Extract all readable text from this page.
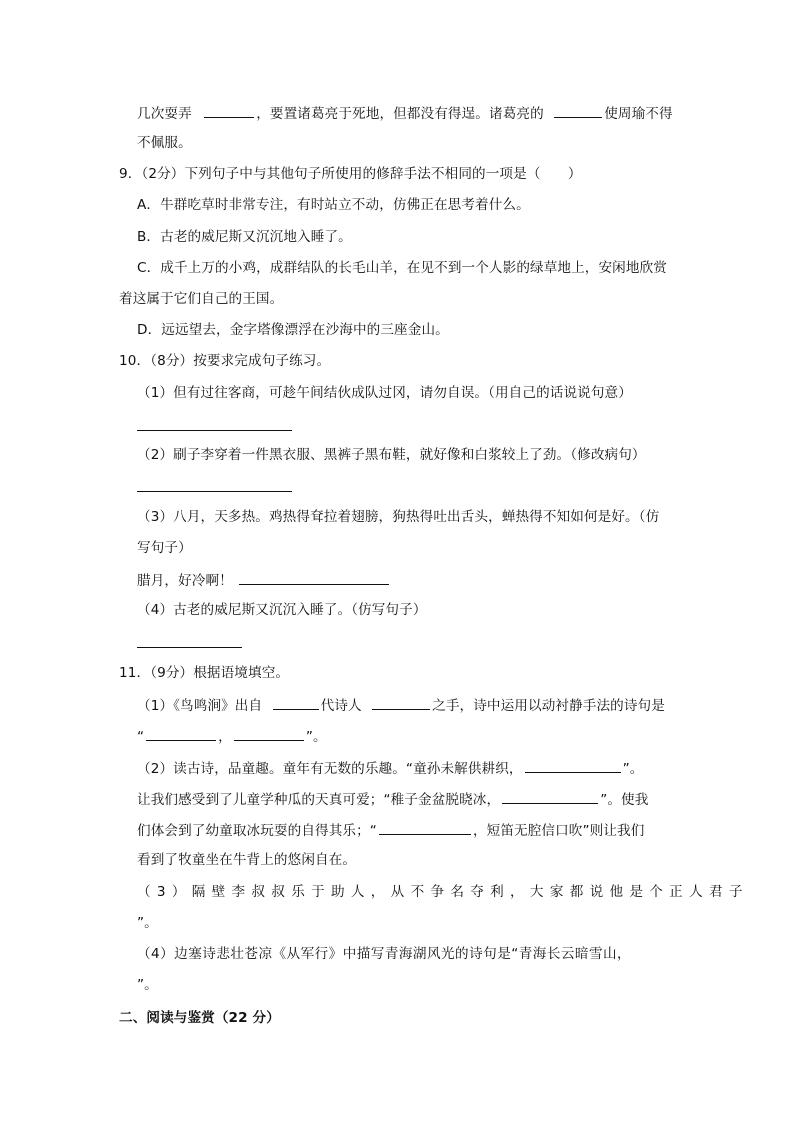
几次耍弄	，要置诸葛亮于死地，但都没有得逞。诸葛亮的	使周瑜不得
不佩服。
9．（2分）下列句子中与其他句子所使用的修辞手法不相同的一项是（　　）
A．牛群吃草时非常专注，有时站立不动，仿佛正在思考着什么。
B．古老的威尼斯又沉沉地入睡了。
C．成千上万的小鸡，成群结队的长毛山羊，在见不到一个人影的绿草地上，安闲地欣赏
着这属于它们自己的王国。
D．远远望去，金字塔像漂浮在沙海中的三座金山。
10．（8分）按要求完成句子练习。
（1）但有过往客商，可趁午间结伙成队过冈，请勿自误。（用自己的话说说句意）
（2）刷子李穿着一件黑衣服、黑裤子黑布鞋，就好像和白浆较上了劲。（修改病句）
（3）八月，天多热。鸡热得耷拉着翅膀，狗热得吐出舌头，蝉热得不知如何是好。（仿
写句子）
腊月，好冷啊！
（4）古老的威尼斯又沉沉入睡了。（仿写句子）
11．（9分）根据语境填空。
（1）《鸟鸣涧》出自	代诗人	之手，诗中运用以动衬静手法的诗句是
“	，	”。
（2）读古诗，品童趣。童年有无数的乐趣。“童孙未解供耕织，	”。
让我们感受到了儿童学种瓜的天真可爱；“稚子金盆脱晓冰，	”。使我
们体会到了幼童取冰玩耍的自得其乐；“	，短笛无腔信口吹”则让我们
看到了牧童坐在牛背上的悠闲自在。
（3）隔壁李叔叔乐于助人，从不争名夺利，大家都说他是个正人君子
”。
（4）边塞诗悲壮苍凉《从军行》中描写青海湖风光的诗句是“青海长云暗雪山，
”。
二、阅读与鉴赏（22 分）
